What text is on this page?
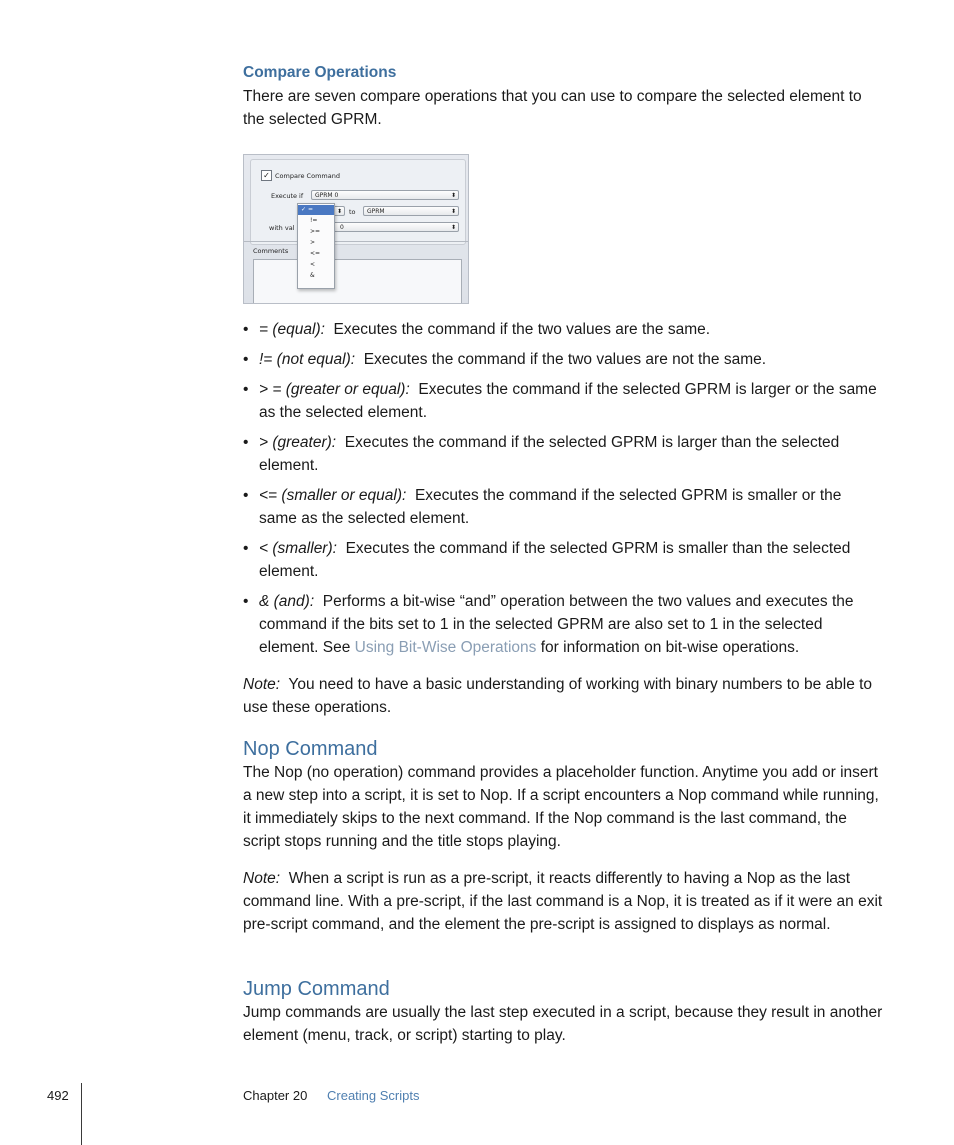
Compare Operations
There are seven compare operations that you can use to compare the selected element to the selected GPRM.
✓ Compare Command
Execute if	GPRM 0	⬍
⬍ to	GPRM	⬍
with val	0	⬍
Comments
✓ =
!=
>=
>
<=
<
&
• = (equal): Executes the command if the two values are the same.
• != (not equal): Executes the command if the two values are not the same.
• > = (greater or equal): Executes the command if the selected GPRM is larger or the same as the selected element.
• > (greater): Executes the command if the selected GPRM is larger than the selected element.
• <= (smaller or equal): Executes the command if the selected GPRM is smaller or the same as the selected element.
• < (smaller): Executes the command if the selected GPRM is smaller than the selected element.
• & (and): Performs a bit-wise “and” operation between the two values and executes the command if the bits set to 1 in the selected GPRM are also set to 1 in the selected element. See Using Bit-Wise Operations for information on bit-wise operations.
Note: You need to have a basic understanding of working with binary numbers to be able to use these operations.
Nop Command
The Nop (no operation) command provides a placeholder function. Anytime you add or insert a new step into a script, it is set to Nop. If a script encounters a Nop command while running, it immediately skips to the next command. If the Nop command is the last command, the script stops running and the title stops playing.
Note: When a script is run as a pre-script, it reacts differently to having a Nop as the last command line. With a pre-script, if the last command is a Nop, it is treated as if it were an exit pre-script command, and the element the pre-script is assigned to displays as normal.
Jump Command
Jump commands are usually the last step executed in a script, because they result in another element (menu, track, or script) starting to play.
492	Chapter 20 Creating Scripts
